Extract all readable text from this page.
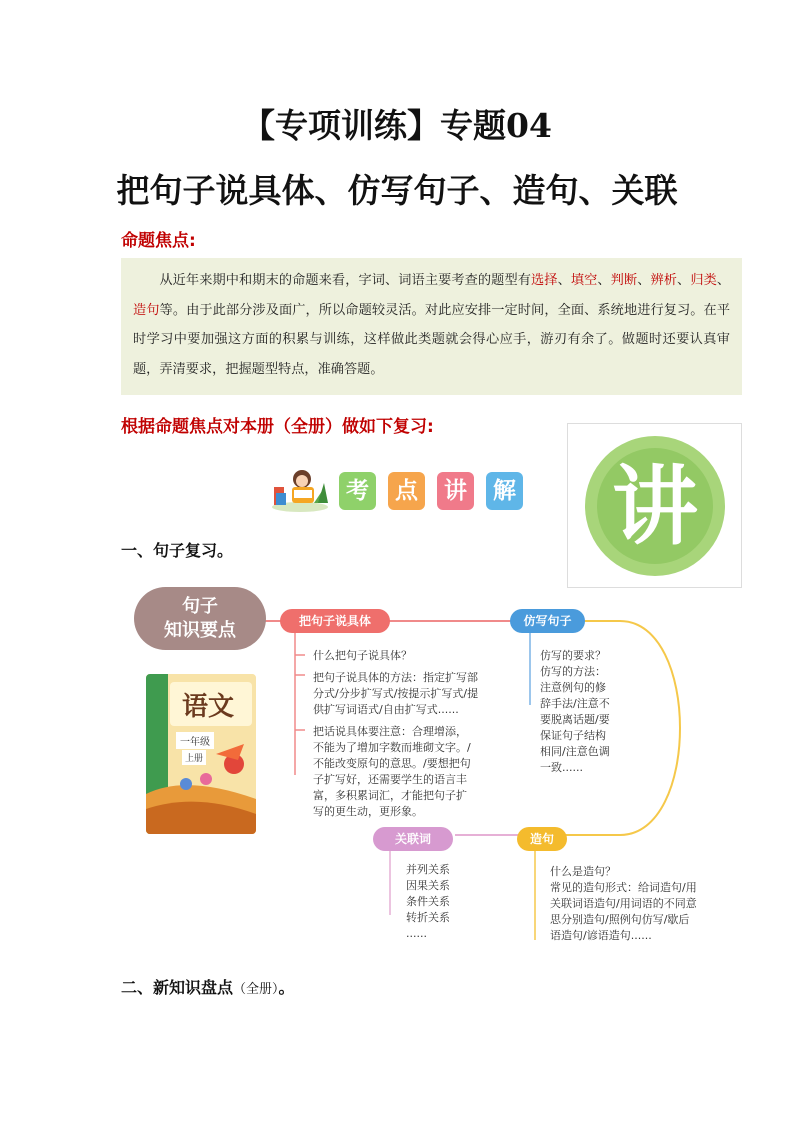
【专项训练】专题04
把句子说具体、仿写句子、造句、关联
命题焦点:
从近年来期中和期末的命题来看，字词、词语主要考查的题型有选择、填空、判断、辨析、归类、造句等。由于此部分涉及面广，所以命题较灵活。对此应安排一定时间，全面、系统地进行复习。在平时学习中要加强这方面的积累与训练，这样做此类题就会得心应手，游刃有余了。做题时还要认真审题，弄清要求，把握题型特点，准确答题。
根据命题焦点对本册（全册）做如下复习:
讲
考	点	讲	解
一、句子复习。
句子
知识要点
语文
一年级
上册
把句子说具体
什么把句子说具体？
把句子说具体的方法：指定扩写部
分式/分步扩写式/按提示扩写式/提
供扩写词语式/自由扩写式......
把话说具体要注意：合理增添，
不能为了增加字数而堆砌文字。/
不能改变原句的意思。/要想把句
子扩写好，还需要学生的语言丰
富，多积累词汇，才能把句子扩
写的更生动，更形象。
仿写句子
仿写的要求？
仿写的方法：
注意例句的修
辞手法/注意不
要脱离话题/要
保证句子结构
相同/注意色调
一致......
造句
什么是造句？
常见的造句形式：给词造句/用
关联词语造句/用词语的不同意
思分别造句/照例句仿写/歇后
语造句/谚语造句......
关联词
并列关系
因果关系
条件关系
转折关系
......
二、新知识盘点（全册）。
